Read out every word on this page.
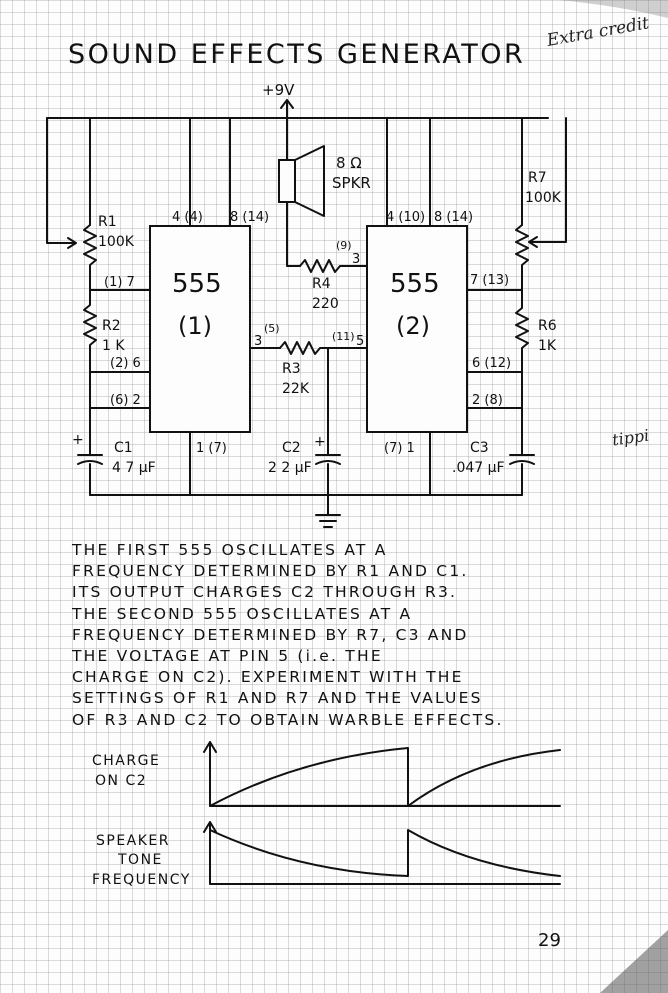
SOUND EFFECTS GENERATOR
Extra credit
+9V
+
555
(1)
+
8 Ω
SPKR
555
(2)
R1
100K
R2
1 K
R3
22K
R4
220
R6
1K
R7
100K
C1
4 7 μF
C2
2 2 μF
C3
.047 μF
4 (4) 8 (14)
(1) 7
(2) 6
(6) 2
1 (7)
3
(5)
4 (10) 8 (14)
3
(9)
5
(11)
7 (13)
6 (12)
2 (8)
(7) 1
+
CHARGE
ON C2
SPEAKER
TONE
FREQUENCY
29
THE FIRST 555 OSCILLATES AT A
FREQUENCY DETERMINED BY R1 AND C1.
ITS OUTPUT CHARGES C2 THROUGH R3.
THE SECOND 555 OSCILLATES AT A
FREQUENCY DETERMINED BY R7, C3 AND
THE VOLTAGE AT PIN 5 (i.e. THE
CHARGE ON C2). EXPERIMENT WITH THE
SETTINGS OF R1 AND R7 AND THE VALUES
OF R3 AND C2 TO OBTAIN WARBLE EFFECTS.
tippi
